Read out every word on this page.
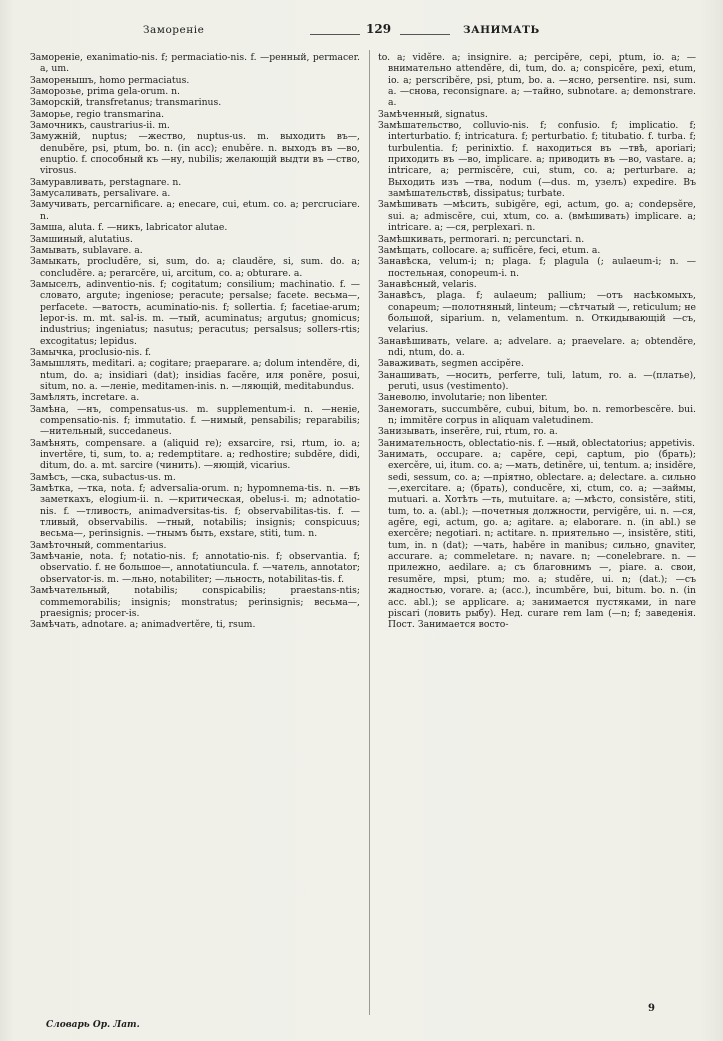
Заморенiе	129	ЗАНИМАТЬ

Заморенiе, exanimatio-nis. f; permaciatio-nis. f. —ренный, permacer. a, um.

Заморенышъ, homo permaciatus.

Заморозье, prima gela-orum. n.

Заморскiй, transfretanus; transmarinus.

Заморье, regio transmarina.

Замочникъ, caustrarius-ii. m.

Замужнiй, nuptus; —жество, nuptus-us. m. выходить въ—, denubĕre, psi, ptum, bo. n. (in acc); enubĕre. n. выходъ въ —во, enuptio. f. способный къ —ну, nubilis; желающiй выдти въ —ство, virosus.

Замуравливать, perstagnare. n.

Замусаливать, persalivare. a.

Замучивать, percarnificare. a; enecare, cui, etum. co. a; percruciare. n.

Замша, aluta. f. —никъ, labricator alutae.

Замшиный, alutatius.

Замывать, sublavare. a.

Замыкать, procludĕre, si, sum, do. a; claudĕre, si, sum. do. a; concludĕre. a; perarcĕre, ui, arcitum, co. a; obturare. a.

Замыселъ, adinventio-nis. f; cogitatum; consilium; machinatio. f. —словато, argute; ingeniose; peracute; persalse; facete. весьма—, perfacete. —ватость, acuminatio-nis. f; sollertia. f; facetiae-arum; lepor-is. m. mt. sal-is. m. —тый, acuminatus; argutus; gnomicus; industrius; ingeniatus; nasutus; peracutus; persalsus; sollers-rtis; excogitatus; lepidus.

Замычка, proclusio-nis. f.

Замышлять, meditari. a; cogitare; praeparare. a; dolum intendĕre, di, ntum, do. a; insidiari (dat); insidias facĕre, иля ponĕre, posui, situm, no. a. —ленiе, meditamen-inis. n. —ляющiй, meditabundus.

Замѣлять, incretare. a.

Замѣна, —нъ, compensatus-us. m. supplementum-i. n. —ненiе, compensatio-nis. f; immutatio. f. —нимый, pensabilis; reparabilis; —нительный, succedaneus.

Замѣнять, compensare. a (aliquid re); exsarcire, rsi, rtum, io. a; invertĕre, ti, sum, to. a; redemptitare. a; redhostire; subdĕre, didi, ditum, do. a. mt. sarcire (чинить). —яющiй, vicarius.

Замѣсъ, —ска, subactus-us. m.

Замѣтка, —тка, nota. f; adversalia-orum. n; hypomnema-tis. n. —въ заметкахъ, elogium-ii. n. —критическая, obelus-i. m; adnotatio-nis. f. —тливость, animadversitas-tis. f; observabilitas-tis. f. —тливый, observabilis. —тный, notabilis; insignis; conspicuus; весьма—, perinsignis. —тнымъ быть, exstare, stiti, tum. n.

Замѣточный, commentarius.

Замѣчанiе, nota. f; notatio-nis. f; annotatio-nis. f; observantia. f; observatio. f. не большое—, annotatiuncula. f. —чатель, annotator; observator-is. m. —льно, notabiliter; —льность, notabilitas-tis. f.

Замѣчательный, notabilis; conspicabilis; praestans-ntis; commemorabilis; insignis; monstratus; perinsignis; весьма—, praesignis; procer-is.

Замѣчать, adnotare. a; animadvertĕre, ti, rsum.

to. a; vidĕre. a; insignire. a; percipĕre, cepi, ptum, io. a; —внимательно attendĕre, di, tum, do. a; conspicĕre, pexi, etum, io. a; perscribĕre, psi, ptum, bo. a. —ясно, persentire. nsi, sum. a. —снова, reconsignare. a; —тайно, subnotare. a; demonstrare. a.

Замѣченный, signatus.

Замѣшательство, colluvio-nis. f; confusio. f; implicatio. f; interturbatio. f; intricatura. f; perturbatio. f; titubatio. f. turba. f; turbulentia. f; perinixtio. f. находиться въ —твѣ, aporiari; приходить въ —во, implicare. a; приводить въ —во, vastare. a; intricare, a; permiscĕre, cui, stum, co. a; perturbare. a; Выходить изъ —тва, nodum (—dus. m, узелъ) expedire. Въ замѣшательствѣ, dissipatus; turbate.

Замѣшивать —мѣсить, subigĕre, egi, actum, go. a; condepsĕre, sui. a; admiscĕre, cui, xtum, co. a. (вмѣшивать) implicare. a; intricare. a; —ся, perplexari. n.

Замѣшкивать, permorari. n; percunctari. n.

Замѣщать, collocare. a; sufficĕre, feci, etum. a.

Занавѣска, velum-i; n; plaga. f; plagula (; aulaeum-i; n. —постельная, conopeum-i. n.

Занавѣсный, velaris.

Занавѣсъ, plaga. f; aulaeum; pallium; —отъ насѣкомыхъ, conapeum; —полотняный, linteum; —сѣтчатый —, reticulum; не большой, siparium. n, velamentum. n. Откидывающiй —съ, velarius.

Занавѣшивать, velare. a; advelare. a; praevelare. a; obtendĕre, ndi, ntum, do. a.

Заваживать, segmen accipĕre.

Занашивать, —носить, perferre, tuli, latum, ro. a. —(платье), peruti, usus (vestimento).

Заневолю, involutarie; non libenter.

Занемогать, succumbĕre, cubui, bitum, bo. n. remorbescĕre. bui. n; immitĕre corpus in aliquam valetudinem.

Занизывать, inserĕre, rui, rtum, ro. a.

Занимательность, oblectatio-nis. f. —ный, oblectatorius; appetivis.

Занимать, occupare. a; capĕre, cepi, captum, pio (брать); exercĕre, ui, itum. co. a; —мать, detinĕre, ui, tentum. a; insidĕre, sedi, sessum, co. a; —прiятно, oblectare. a; delectare. a. сильно —,exercitare. a; (брать), conducĕre, xi, ctum, co. a; —займы, mutuari. a. Хотѣть —ть, mutuitare. a; —мѣсто, consistĕre, stiti, tum, to. a. (abl.); —почетныя должности, pervigĕre, ui. n. —ся, agĕre, egi, actum, go. a; agitare. a; elaborare. n. (in abl.) se exercĕre; negotiari. n; actitare. n. приятельно —, insistĕre, stiti, tum, in. n (dat); —чать, habĕre in manibus; сильно, gnaviter, accurare. a; commeletare. n; navare. n; —conelebrare. n. —прилежно, aedilare. a; съ благовнимъ —, piare. a. свои, resumĕre, mpsi, ptum; mo. a; studĕre, ui. n; (dat.); —съ жадностью, vorare. a; (acc.), incumbĕre, bui, bitum. bo. n. (in acc. abl.); se applicare. a; занимается пустяками, in nare piscari (ловить рыбу). Нед. curare rem lam (—n; f; заведенiя. Пост. Занимается восто-

Словарь Ор. Лат.
9
